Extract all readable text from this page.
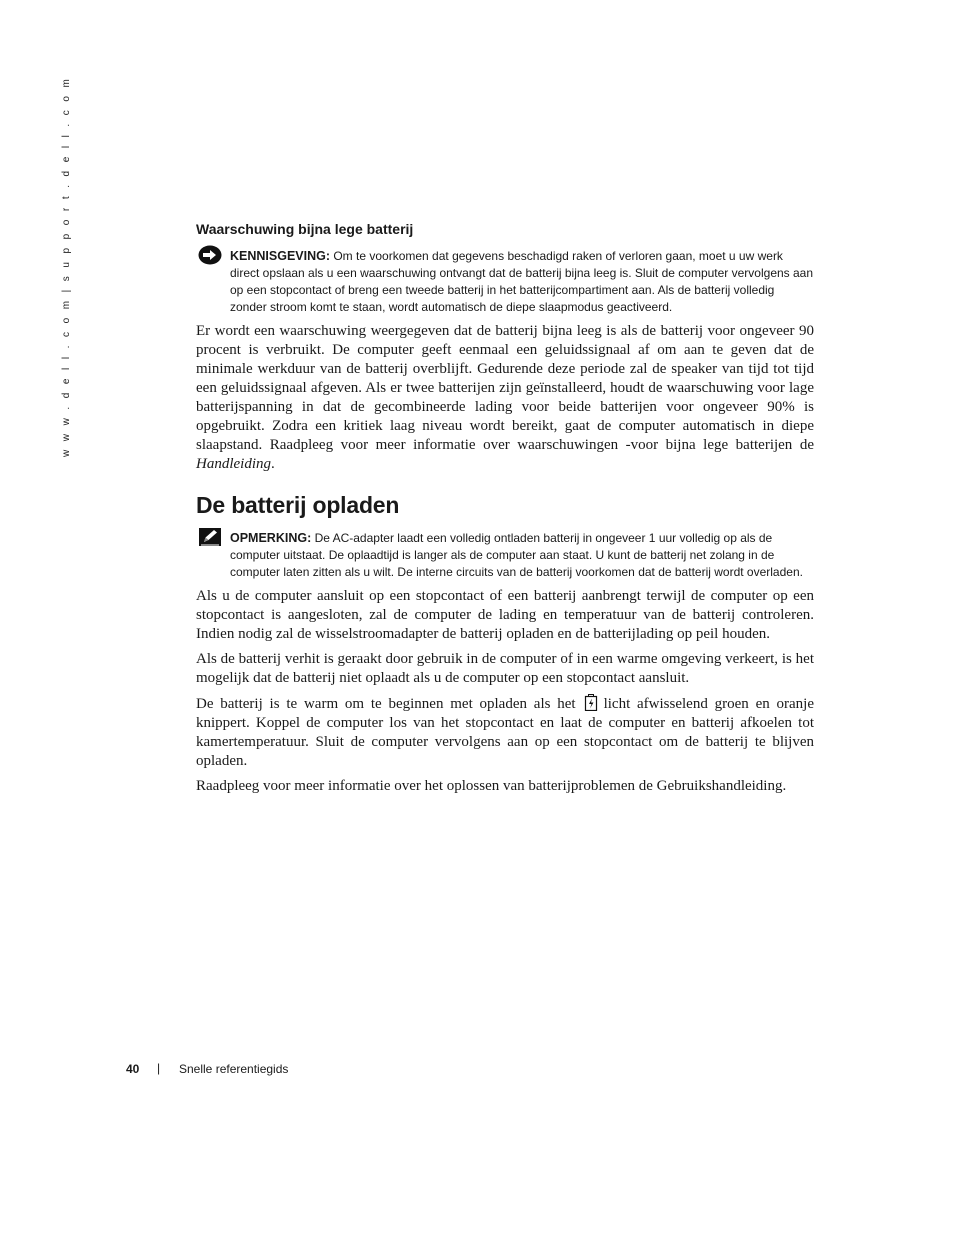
w w w . d e l l . c o m | s u p p o r t . d e l l . c o m	Waarschuwing bijna lege batterij
KENNISGEVING: Om te voorkomen dat gegevens beschadigd raken of verloren gaan, moet u uw werk direct opslaan als u een waarschuwing ontvangt dat de batterij bijna leeg is. Sluit de computer vervolgens aan op een stopcontact of breng een tweede batterij in het batterijcompartiment aan. Als de batterij volledig zonder stroom komt te staan, wordt automatisch de diepe slaapmodus geactiveerd.
Er wordt een waarschuwing weergegeven dat de batterij bijna leeg is als de batterij voor ongeveer 90 procent is verbruikt. De computer geeft eenmaal een geluidssignaal af om aan te geven dat de minimale werkduur van de batterij overblijft. Gedurende deze periode zal de speaker van tijd tot tijd een geluidssignaal afgeven. Als er twee batterijen zijn geïnstalleerd, houdt de waarschuwing voor lage batterijspanning in dat de gecombineerde lading voor beide batterijen voor ongeveer 90% is opgebruikt. Zodra een kritiek laag niveau wordt bereikt, gaat de computer automatisch in diepe slaapstand. Raadpleeg voor meer informatie over waarschuwingen -voor bijna lege batterijen de Handleiding.
De batterij opladen
OPMERKING: De AC-adapter laadt een volledig ontladen batterij in ongeveer 1 uur volledig op als de computer uitstaat. De oplaadtijd is langer als de computer aan staat. U kunt de batterij net zolang in de computer laten zitten als u wilt. De interne circuits van de batterij voorkomen dat de batterij wordt overladen.
Als u de computer aansluit op een stopcontact of een batterij aanbrengt terwijl de computer op een stopcontact is aangesloten, zal de computer de lading en temperatuur van de batterij controleren. Indien nodig zal de wisselstroomadapter de batterij opladen en de batterijlading op peil houden.
Als de batterij verhit is geraakt door gebruik in de computer of in een warme omgeving verkeert, is het mogelijk dat de batterij niet oplaadt als u de computer op een stopcontact aansluit.
De batterij is te warm om te beginnen met opladen als het licht afwisselend groen en oranje knippert. Koppel de computer los van het stopcontact en laat de computer en batterij afkoelen tot kamertemperatuur. Sluit de computer vervolgens aan op een stopcontact om de batterij te blijven opladen.
Raadpleeg voor meer informatie over het oplossen van batterijproblemen de Gebruikshandleiding.
40 | Snelle referentiegids
